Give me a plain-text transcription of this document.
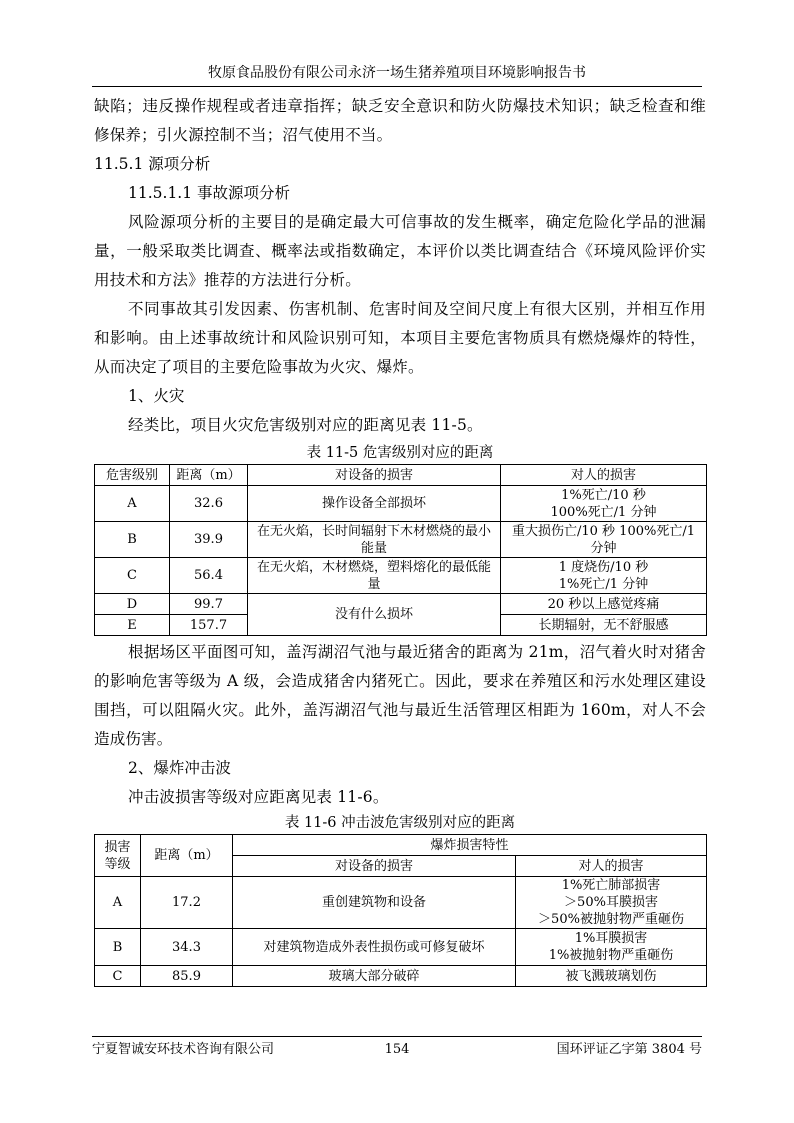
牧原食品股份有限公司永济一场生猪养殖项目环境影响报告书

缺陷；违反操作规程或者违章指挥；缺乏安全意识和防火防爆技术知识；缺乏检查和维修保养；引火源控制不当；沼气使用不当。

11.5.1 源项分析

11.5.1.1 事故源项分析

风险源项分析的主要目的是确定最大可信事故的发生概率，确定危险化学品的泄漏量，一般采取类比调查、概率法或指数确定，本评价以类比调查结合《环境风险评价实用技术和方法》推荐的方法进行分析。

不同事故其引发因素、伤害机制、危害时间及空间尺度上有很大区别，并相互作用和影响。由上述事故统计和风险识别可知，本项目主要危害物质具有燃烧爆炸的特性，从而决定了项目的主要危险事故为火灾、爆炸。

1、火灾

经类比，项目火灾危害级别对应的距离见表 11-5。

表 11-5 危害级别对应的距离

危害级别	距离（m）	对设备的损害	对人的损害
A	32.6	操作设备全部损坏	1%死亡/10 秒
100%死亡/1 分钟
B	39.9	在无火焰，长时间辐射下木材燃烧的最小能量	重大损伤亡/10 秒 100%死亡/1 分钟
C	56.4	在无火焰，木材燃烧，塑料熔化的最低能量	1 度烧伤/10 秒
1%死亡/1 分钟
D	99.7	没有什么损坏	20 秒以上感觉疼痛
E	157.7		长期辐射，无不舒服感

根据场区平面图可知，盖泻湖沼气池与最近猪舍的距离为 21m，沼气着火时对猪舍的影响危害等级为 A 级，会造成猪舍内猪死亡。因此，要求在养殖区和污水处理区建设围挡，可以阻隔火灾。此外，盖泻湖沼气池与最近生活管理区相距为 160m，对人不会造成伤害。

2、爆炸冲击波

冲击波损害等级对应距离见表 11-6。

表 11-6 冲击波危害级别对应的距离

损害
等级	距离（m）	爆炸损害特性	
		对设备的损害	对人的损害
A	17.2	重创建筑物和设备	1%死亡肺部损害
＞50%耳膜损害
＞50%被抛射物严重砸伤
B	34.3	对建筑物造成外表性损伤或可修复破坏	1%耳膜损害
1%被抛射物严重砸伤
C	85.9	玻璃大部分破碎	被飞溅玻璃划伤
宁夏智诚安环技术咨询有限公司	154	国环评证乙字第 3804 号
